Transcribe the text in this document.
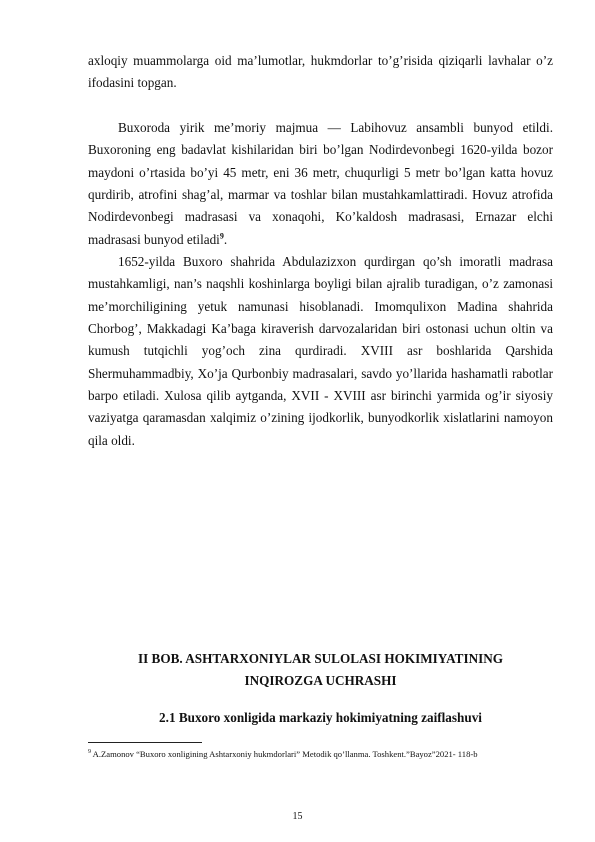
axloqiy muammolarga oid ma’lumotlar, hukmdorlar to’g’risida qiziqarli lavhalar o’z ifodasini topgan.

Buxoroda yirik me’moriy majmua — Labihovuz ansambli bunyod etildi. Buxoroning eng badavlat kishilaridan biri bo’lgan Nodirdevonbegi 1620-yilda bozor maydoni o’rtasida bo’yi 45 metr, eni 36 metr, chuqurligi 5 metr bo’lgan katta hovuz qurdirib, atrofini shag’al, marmar va toshlar bilan mustahkamlattiradi. Hovuz atrofida Nodirdevonbegi madrasasi va xonaqohi, Ko’kaldosh madrasasi, Ernazar elchi madrasasi bunyod etiladi$^9$.

1652-yilda Buxoro shahrida Abdulazizxon qurdirgan qo’sh imoratli madrasa mustahkamligi, nan’s naqshli koshinlarga boyligi bilan ajralib turadigan, o’z zamonasi me’morchiligining yetuk namunasi hisoblanadi. Imomqulixon Madina shahrida Chorbog’, Makkadagi Ka’baga kiraverish darvozalaridan biri ostonasi uchun oltin va kumush tutqichli yog’och zina qurdiradi. XVIII asr boshlarida Qarshida Shermuhammadbiy, Xo’ja Qurbonbiy madrasalari, savdo yo’llarida hashamatli rabotlar barpo etiladi. Xulosa qilib aytganda, XVII - XVIII asr birinchi yarmida og’ir siyosiy vaziyatga qaramasdan xalqimiz o’zining ijodkorlik, bunyodkorlik xislatlarini namoyon qila oldi.

II BOB. ASHTARXONIYLAR SULOLASI HOKIMIYATINING
INQIROZGA UCHRASHI
2.1 Buxoro xonligida markaziy hokimiyatning zaiflashuvi

$^9$ A.Zamonov “Buxoro xonligining Ashtarxoniy hukmdorlari” Metodik qo’llanma. Toshkent.”Bayoz”2021- 118-b

15
